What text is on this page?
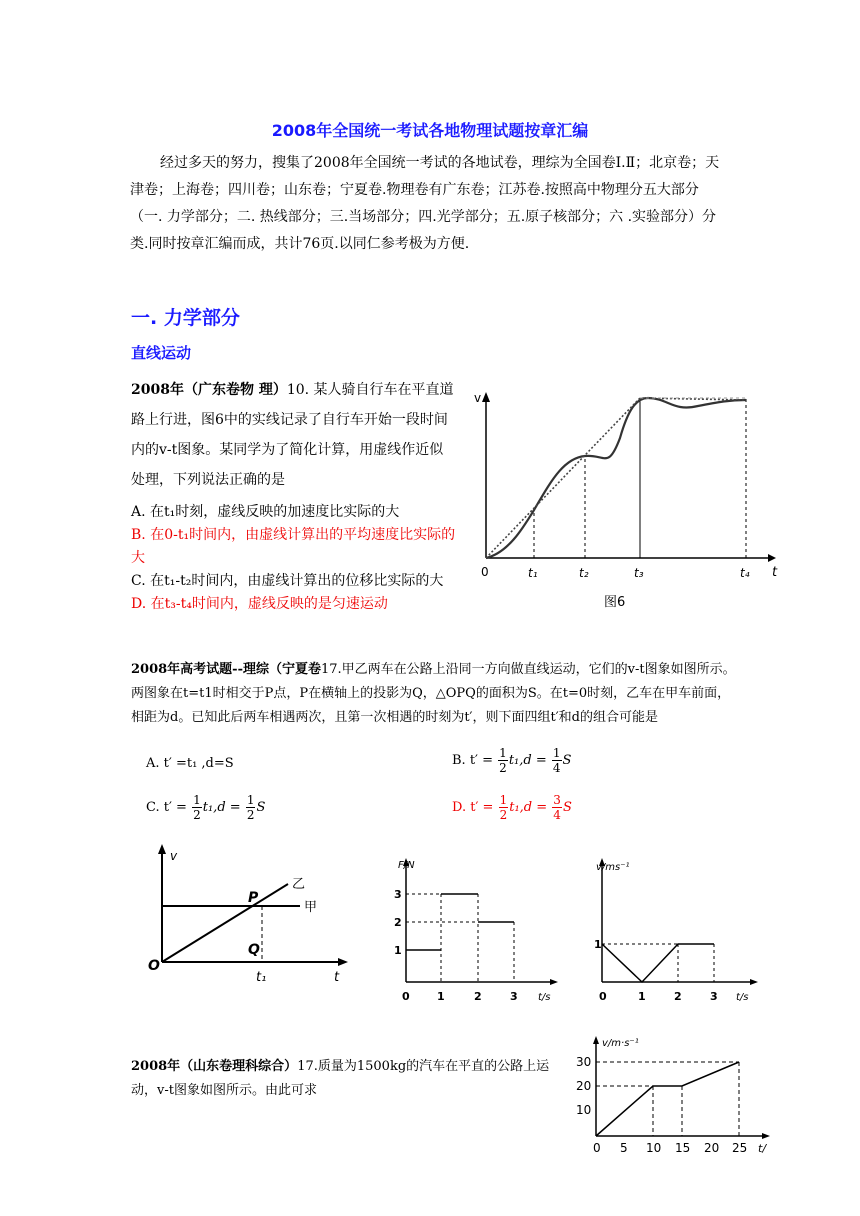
2008年全国统一考试各地物理试题按章汇编
经过多天的努力，搜集了2008年全国统一考试的各地试卷，理综为全国卷Ⅰ.Ⅱ；北京卷；天津卷；上海卷；四川卷；山东卷；宁夏卷.物理卷有广东卷；江苏卷.按照高中物理分五大部分（一. 力学部分；二. 热线部分；三.当场部分；四.光学部分；五.原子核部分；六 .实验部分）分类.同时按章汇编而成，共计76页.以同仁参考极为方便.
一. 力学部分
直线运动
2008年（广东卷物 理）10. 某人骑自行车在平直道路上行进，图6中的实线记录了自行车开始一段时间内的v-t图象。某同学为了简化计算，用虚线作近似处理，下列说法正确的是
A. 在t₁时刻，虚线反映的加速度比实际的大
B. 在0-t₁时间内，由虚线计算出的平均速度比实际的大
C. 在t₁-t₂时间内，由虚线计算出的位移比实际的大
D. 在t₃-t₄时间内，虚线反映的是匀速运动
v
t
0	t₁	t₂	t₃	t₄
图6
2008年高考试题--理综（宁夏卷17.甲乙两车在公路上沿同一方向做直线运动，它们的v-t图象如图所示。两图象在t=t1时相交于P点，P在横轴上的投影为Q，△OPQ的面积为S。在t=0时刻，乙车在甲车前面，相距为d。已知此后两车相遇两次，且第一次相遇的时刻为t′，则下面四组t′和d的组合可能是
A. t′ =t₁ ,d=S	B. $t' = \frac{1}{2} t_1,d = \frac{1}{4}$ S
C. $t' = \frac{1}{2} t_1,d = \frac{1}{2}$ S	D. $t' = \frac{1}{2} t_1,d = \frac{3}{4}$ S
v
P
Q
O
t₁	t
乙
甲
F/N
1
2
3
0 1	2	3 t/s
v/ms⁻¹
1
0	1	2	3 t/s
2008年（山东卷理科综合）17.质量为1500kg的汽车在平直的公路上运动，v-t图象如图所示。由此可求
v/m·s⁻¹
10
20
30
0 5 10 15 20 25 t/
